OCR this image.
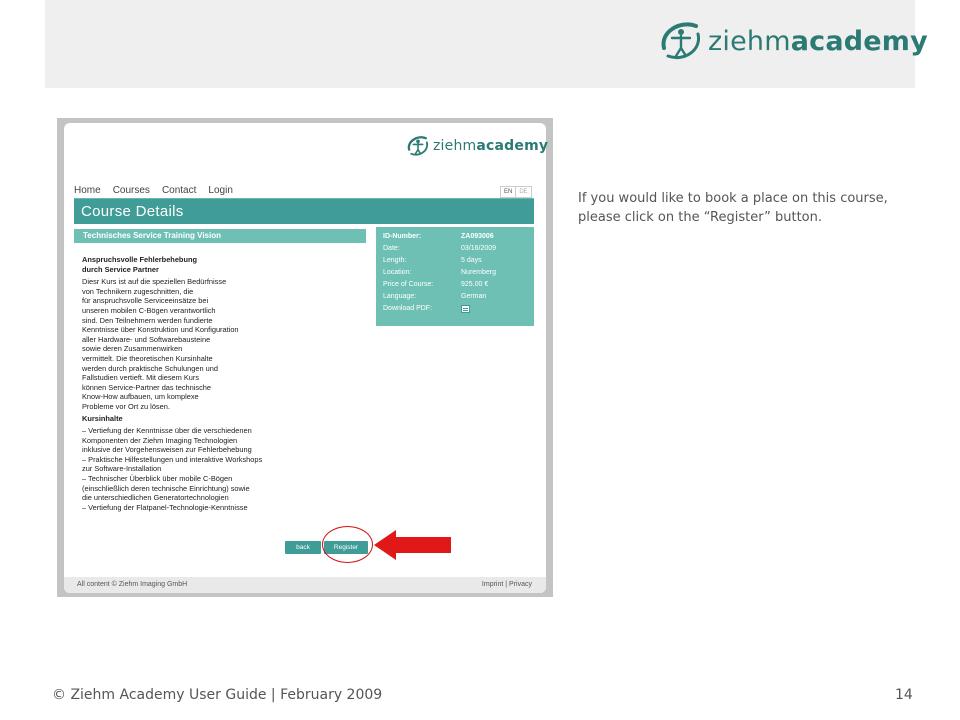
ziehmacademy
ziehmacademy
Home Courses Contact Login	EN	DE
Course Details
Technisches Service Training Vision
Anspruchsvolle Fehlerbehebung
durch Service Partner
Diesr Kurs ist auf die speziellen Bedürfnisse
von Technikern zugeschnitten, die
für anspruchsvolle Serviceeinsätze bei
unseren mobilen C-Bögen verantwortlich
sind. Den Teilnehmern werden fundierte
Kenntnisse über Konstruktion und Konfiguration
aller Hardware- und Softwarebausteine
sowie deren Zusammenwirken
vermittelt. Die theoretischen Kursinhalte
werden durch praktische Schulungen und
Fallstudien vertieft. Mit diesem Kurs
können Service-Partner das technische
Know-How aufbauen, um komplexe
Probleme vor Ort zu lösen.
Kursinhalte
– Vertiefung der Kenntnisse über die verschiedenen
Komponenten der Ziehm Imaging Technologien
inklusive der Vorgehensweisen zur Fehlerbehebung
– Praktische Hilfestellungen und interaktive Workshops
zur Software-Installation
– Technischer Überblick über mobile C-Bögen
(einschließlich deren technische Einrichtung) sowie
die unterschiedlichen Generatortechnologien
– Vertiefung der Flatpanel-Technologie-Kenntnisse
ID-Number:	ZA093006
Date:	03/16/2009
Length:	5 days
Location:	Nuremberg
Price of Course:	925.00 €
Language:	German
Download PDF:
back	Register
All content © Ziehm Imaging GmbH	Imprint | Privacy
If you would like to book a place on this course, please click on the “Register” button.
© Ziehm Academy User Guide | February 2009	14
